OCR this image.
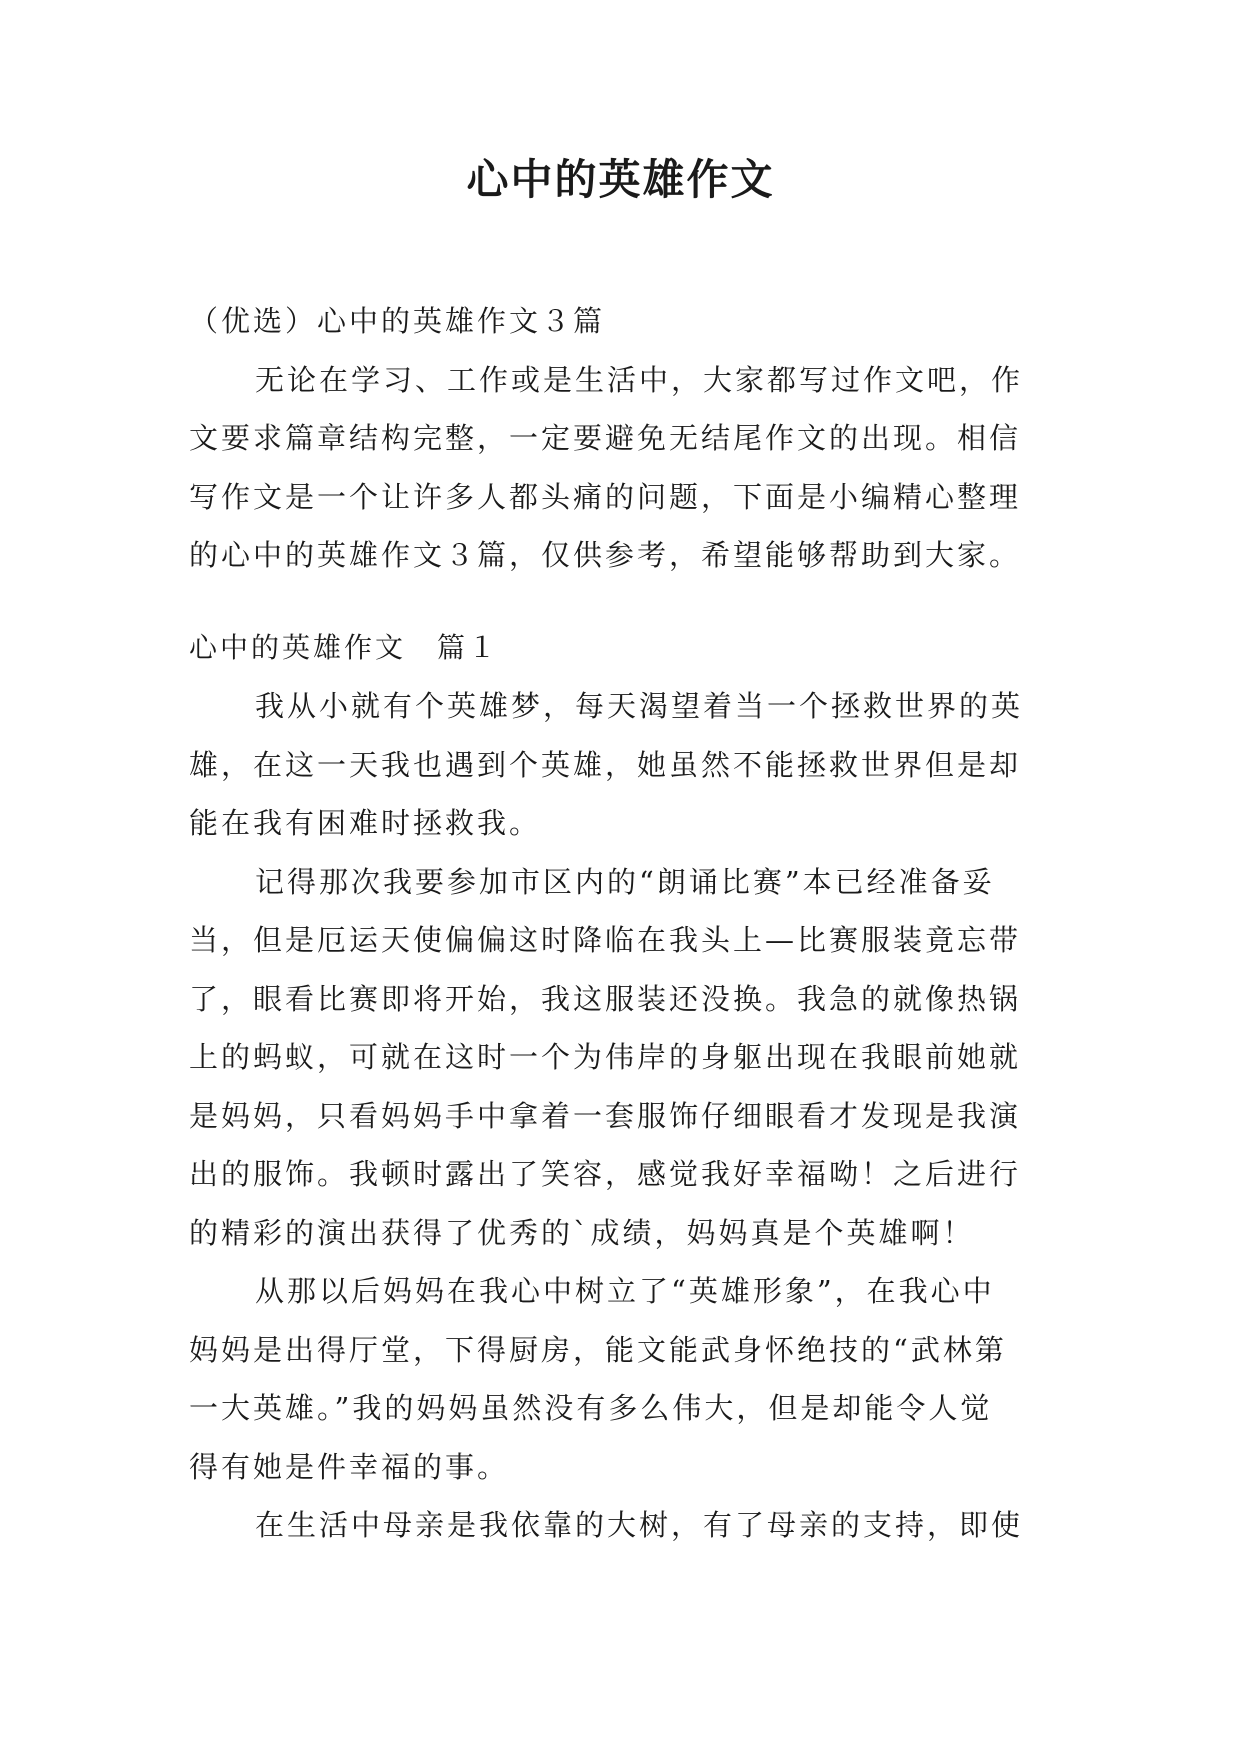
心中的英雄作文
（优选）心中的英雄作文３篇
无论在学习、工作或是生活中，大家都写过作文吧，作
文要求篇章结构完整，一定要避免无结尾作文的出现。相信
写作文是一个让许多人都头痛的问题，下面是小编精心整理
的心中的英雄作文３篇，仅供参考，希望能够帮助到大家。
心中的英雄作文　篇１
我从小就有个英雄梦，每天渴望着当一个拯救世界的英
雄，在这一天我也遇到个英雄，她虽然不能拯救世界但是却
能在我有困难时拯救我。
记得那次我要参加市区内的“朗诵比赛”本已经准备妥
当，但是厄运天使偏偏这时降临在我头上—比赛服装竟忘带
了，眼看比赛即将开始，我这服装还没换。我急的就像热锅
上的蚂蚁，可就在这时一个为伟岸的身躯出现在我眼前她就
是妈妈，只看妈妈手中拿着一套服饰仔细眼看才发现是我演
出的服饰。我顿时露出了笑容，感觉我好幸福呦！之后进行
的精彩的演出获得了优秀的`成绩，妈妈真是个英雄啊！
从那以后妈妈在我心中树立了“英雄形象”，在我心中
妈妈是出得厅堂，下得厨房，能文能武身怀绝技的“武林第
一大英雄。”我的妈妈虽然没有多么伟大，但是却能令人觉
得有她是件幸福的事。
在生活中母亲是我依靠的大树，有了母亲的支持，即使
